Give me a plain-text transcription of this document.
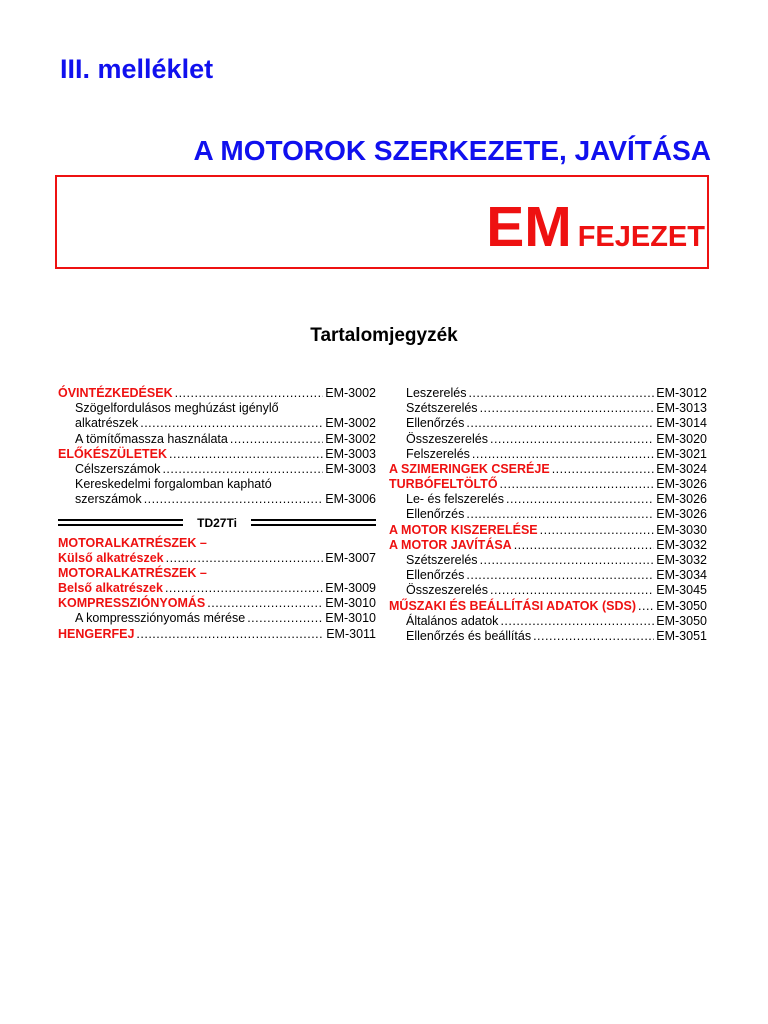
III. melléklet
A MOTOROK SZERKEZETE, JAVÍTÁSA
EM FEJEZET
Tartalomjegyzék
ÓVINTÉZKEDÉSEK .....	EM-3002
Szögelfordulásos meghúzást igénylő
alkatrészek .....	EM-3002
A tömítőmassza használata .....	EM-3002
ELŐKÉSZÜLETEK .....	EM-3003
Célszerszámok .....	EM-3003
Kereskedelmi forgalomban kapható
szerszámok .....	EM-3006
TD27Ti
MOTORALKATRÉSZEK –
Külső alkatrészek .....	EM-3007
MOTORALKATRÉSZEK –
Belső alkatrészek .....	EM-3009
KOMPRESSZIÓNYOMÁS .....	EM-3010
A kompressziónyomás mérése .....	EM-3010
HENGERFEJ .....	EM-3011
Leszerelés .....	EM-3012
Szétszerelés .....	EM-3013
Ellenőrzés .....	EM-3014
Összeszerelés .....	EM-3020
Felszerelés .....	EM-3021
A SZIMERINGEK CSERÉJE .....	EM-3024
TURBÓFELTÖLTŐ .....	EM-3026
Le- és felszerelés .....	EM-3026
Ellenőrzés .....	EM-3026
A MOTOR KISZERELÉSE .....	EM-3030
A MOTOR JAVÍTÁSA .....	EM-3032
Szétszerelés .....	EM-3032
Ellenőrzés .....	EM-3034
Összeszerelés .....	EM-3045
MŰSZAKI ÉS BEÁLLÍTÁSI ADATOK (SDS) ..... EM-3050
Általános adatok .....	EM-3050
Ellenőrzés és beállítás .....	EM-3051
